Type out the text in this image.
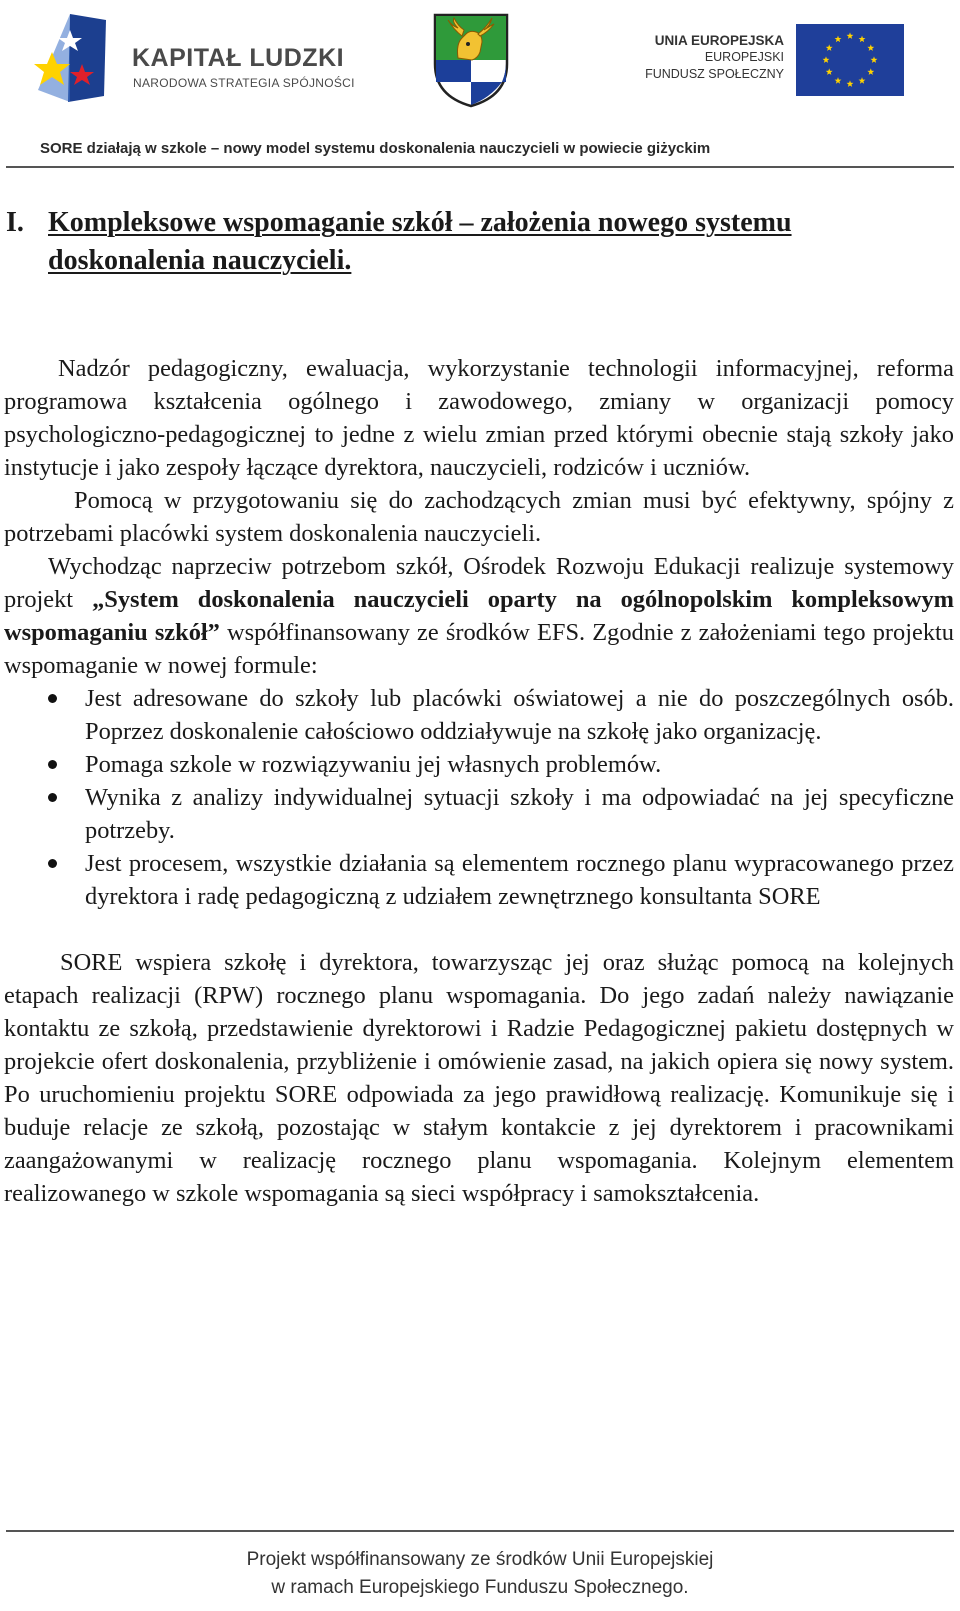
KAPITAŁ LUDZKI
NARODOWA STRATEGIA SPÓJNOŚCI
UNIA EUROPEJSKA
EUROPEJSKI
FUNDUSZ SPOŁECZNY
SORE działają w szkole – nowy model systemu doskonalenia nauczycieli w powiecie giżyckim
I. Kompleksowe wspomaganie szkół – założenia nowego systemu doskonalenia nauczycieli.

Nadzór pedagogiczny, ewaluacja, wykorzystanie technologii informacyjnej, reforma programowa kształcenia ogólnego i zawodowego, zmiany w organizacji pomocy psychologiczno-pedagogicznej to jedne z wielu zmian przed którymi obecnie stają szkoły jako instytucje i jako zespoły łączące dyrektora, nauczycieli, rodziców i uczniów.

Pomocą w przygotowaniu się do zachodzących zmian musi być efektywny, spójny z potrzebami placówki system doskonalenia nauczycieli.

Wychodząc naprzeciw potrzebom szkół, Ośrodek Rozwoju Edukacji realizuje systemowy projekt „System doskonalenia nauczycieli oparty na ogólnopolskim kompleksowym wspomaganiu szkół” współfinansowany ze środków EFS. Zgodnie z założeniami tego projektu wspomaganie w nowej formule:

Jest adresowane do szkoły lub placówki oświatowej a nie do poszczególnych osób. Poprzez doskonalenie całościowo oddziaływuje na szkołę jako organizację.
Pomaga szkole w rozwiązywaniu jej własnych problemów.
Wynika z analizy indywidualnej sytuacji szkoły i ma odpowiadać na jej specyficzne potrzeby.
Jest procesem, wszystkie działania są elementem rocznego planu wypracowanego przez dyrektora i radę pedagogiczną z udziałem zewnętrznego konsultanta SORE

SORE wspiera szkołę i dyrektora, towarzysząc jej oraz służąc pomocą na kolejnych etapach realizacji (RPW) rocznego planu wspomagania. Do jego zadań należy nawiązanie kontaktu ze szkołą, przedstawienie dyrektorowi i Radzie Pedagogicznej pakietu dostępnych w projekcie ofert doskonalenia, przybliżenie i omówienie zasad, na jakich opiera się nowy system. Po uruchomieniu projektu SORE odpowiada za jego prawidłową realizację. Komunikuje się i buduje relacje ze szkołą, pozostając w stałym kontakcie z jej dyrektorem i pracownikami zaangażowanymi w realizację rocznego planu wspomagania. Kolejnym elementem realizowanego w szkole wspomagania są sieci współpracy i samokształcenia.

Projekt współfinansowany ze środków Unii Europejskiej
w ramach Europejskiego Funduszu Społecznego.
